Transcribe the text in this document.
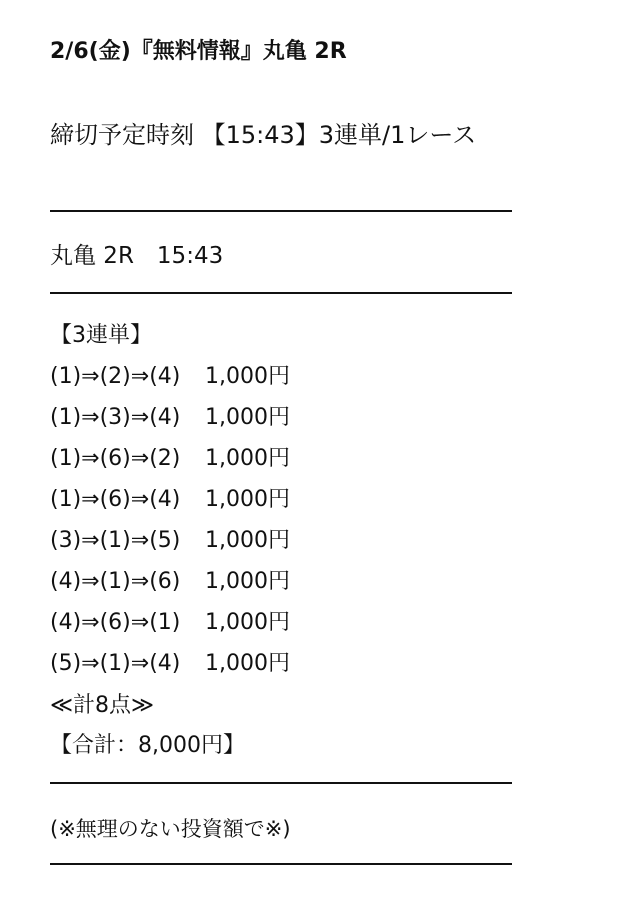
2/6(金)『無料情報』丸亀 2R
締切予定時刻 【15:43】3連単/1レース
丸亀 2R　15:43
【3連単】
(1)⇒(2)⇒(4)	1,000円
(1)⇒(3)⇒(4)	1,000円
(1)⇒(6)⇒(2)	1,000円
(1)⇒(6)⇒(4)	1,000円
(3)⇒(1)⇒(5)	1,000円
(4)⇒(1)⇒(6)	1,000円
(4)⇒(6)⇒(1)	1,000円
(5)⇒(1)⇒(4)	1,000円
≪計8点≫
【合計：8,000円】
(※無理のない投資額で※)
